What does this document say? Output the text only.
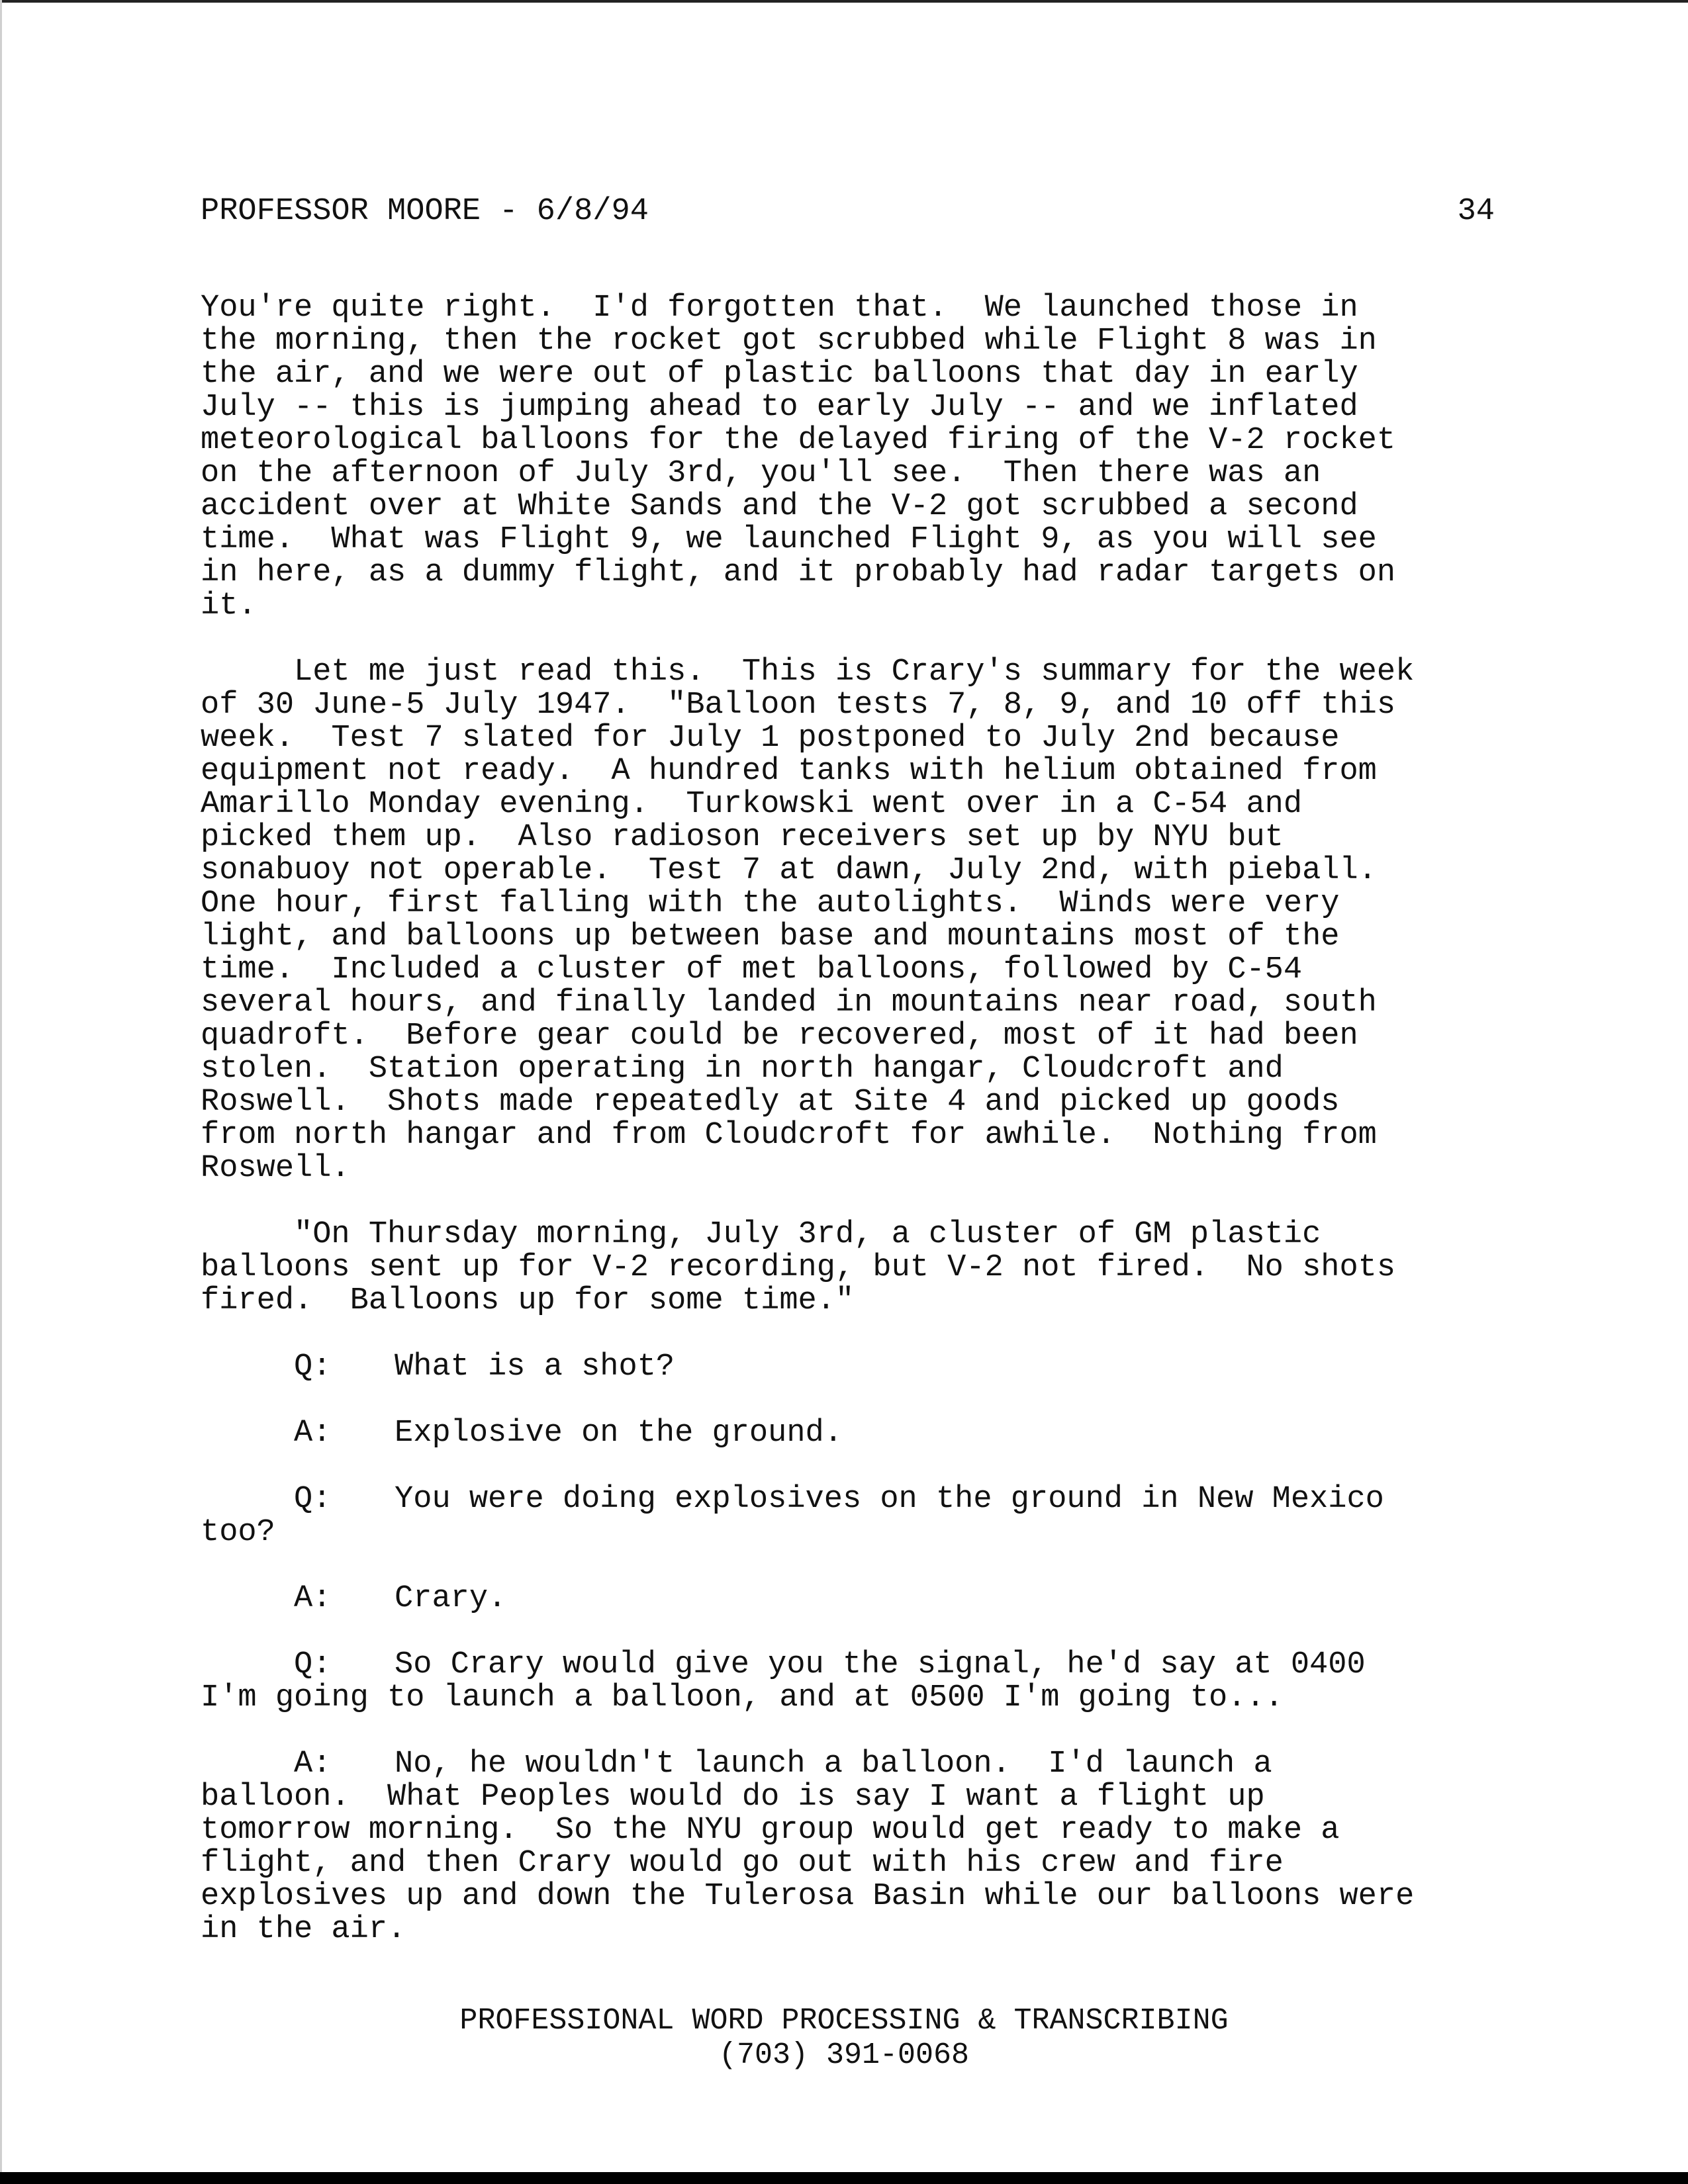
PROFESSOR MOORE - 6/8/94	34
You're quite right.  I'd forgotten that.  We launched those in
the morning, then the rocket got scrubbed while Flight 8 was in
the air, and we were out of plastic balloons that day in early
July -- this is jumping ahead to early July -- and we inflated
meteorological balloons for the delayed firing of the V-2 rocket
on the afternoon of July 3rd, you'll see.  Then there was an
accident over at White Sands and the V-2 got scrubbed a second
time.  What was Flight 9, we launched Flight 9, as you will see
in here, as a dummy flight, and it probably had radar targets on
it.
Let me just read this.  This is Crary's summary for the week
of 30 June-5 July 1947.  "Balloon tests 7, 8, 9, and 10 off this
week.  Test 7 slated for July 1 postponed to July 2nd because
equipment not ready.  A hundred tanks with helium obtained from
Amarillo Monday evening.  Turkowski went over in a C-54 and
picked them up.  Also radioson receivers set up by NYU but
sonabuoy not operable.  Test 7 at dawn, July 2nd, with pieball.
One hour, first falling with the autolights.  Winds were very
light, and balloons up between base and mountains most of the
time.  Included a cluster of met balloons, followed by C-54
several hours, and finally landed in mountains near road, south
quadroft.  Before gear could be recovered, most of it had been
stolen.  Station operating in north hangar, Cloudcroft and
Roswell.  Shots made repeatedly at Site 4 and picked up goods
from north hangar and from Cloudcroft for awhile.  Nothing from
Roswell.
"On Thursday morning, July 3rd, a cluster of GM plastic
balloons sent up for V-2 recording, but V-2 not fired.  No shots
fired.  Balloons up for some time."
Q: What is a shot?
A: Explosive on the ground.
Q: You were doing explosives on the ground in New Mexico
too?
A: Crary.
Q: So Crary would give you the signal, he'd say at 0400
I'm going to launch a balloon, and at 0500 I'm going to...
A: No, he wouldn't launch a balloon.  I'd launch a
balloon.  What Peoples would do is say I want a flight up
tomorrow morning.  So the NYU group would get ready to make a
flight, and then Crary would go out with his crew and fire
explosives up and down the Tulerosa Basin while our balloons were
in the air.
PROFESSIONAL WORD PROCESSING & TRANSCRIBING
(703) 391-0068
